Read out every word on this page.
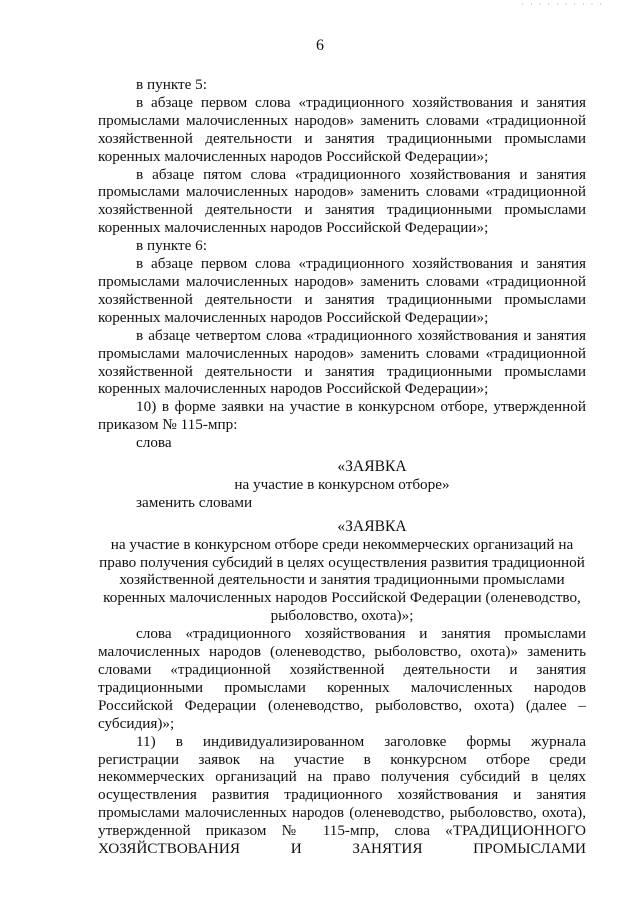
· · · · · · · · · ·
6

в пункте 5:

в абзаце первом слова «традиционного хозяйствования и занятия промыслами малочисленных народов» заменить словами «традиционной хозяйственной деятельности и занятия традиционными промыслами коренных малочисленных народов Российской Федерации»;

в абзаце пятом слова «традиционного хозяйствования и занятия промыслами малочисленных народов» заменить словами «традиционной хозяйственной деятельности и занятия традиционными промыслами коренных малочисленных народов Российской Федерации»;

в пункте 6:

в абзаце первом слова «традиционного хозяйствования и занятия промыслами малочисленных народов» заменить словами «традиционной хозяйственной деятельности и занятия традиционными промыслами коренных малочисленных народов Российской Федерации»;

в абзаце четвертом слова «традиционного хозяйствования и занятия промыслами малочисленных народов» заменить словами «традиционной хозяйственной деятельности и занятия традиционными промыслами коренных малочисленных народов Российской Федерации»;

10) в форме заявки на участие в конкурсном отборе, утвержденной приказом № 115-мпр:

слова

«ЗАЯВКА

на участие в конкурсном отборе»

заменить словами

«ЗАЯВКА

на участие в конкурсном отборе среди некоммерческих организаций на право получения субсидий в целях осуществления развития традиционной хозяйственной деятельности и занятия традиционными промыслами коренных малочисленных народов Российской Федерации (оленеводство, рыболовство, охота)»;

слова «традиционного хозяйствования и занятия промыслами малочисленных народов (оленеводство, рыболовство, охота)» заменить словами «традиционной хозяйственной деятельности и занятия традиционными промыслами коренных малочисленных народов Российской Федерации (оленеводство, рыболовство, охота) (далее – субсидия)»;

11) в индивидуализированном заголовке формы журнала регистрации заявок на участие в конкурсном отборе среди некоммерческих организаций на право получения субсидий в целях осуществления развития традиционного хозяйствования и занятия промыслами малочисленных народов (оленеводство, рыболовство, охота), утвержденной приказом № 115-мпр, слова «ТРАДИЦИОННОГО ХОЗЯЙСТВОВАНИЯ И ЗАНЯТИЯ ПРОМЫСЛАМИ
